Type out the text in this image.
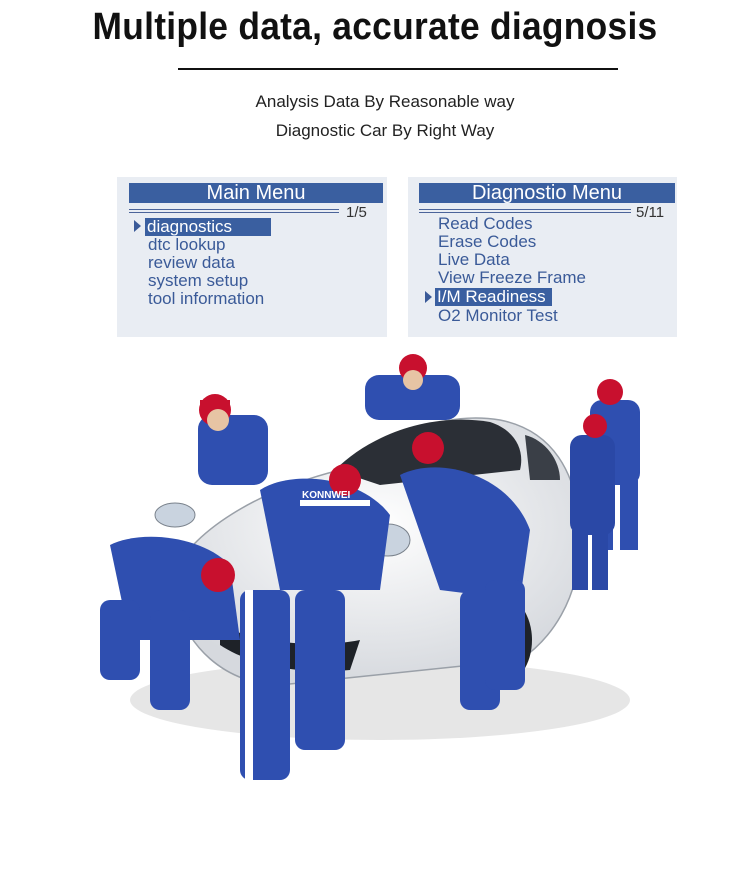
Multiple data, accurate diagnosis
Analysis Data By Reasonable way
Diagnostic Car By Right Way
Main Menu
1/5
diagnostics
dtc lookup
review data
system setup
tool information
Diagnostio Menu
5/11
Read Codes
Erase Codes
Live Data
View Freeze Frame
I/M Readiness
O2 Monitor Test
KONNWEI
